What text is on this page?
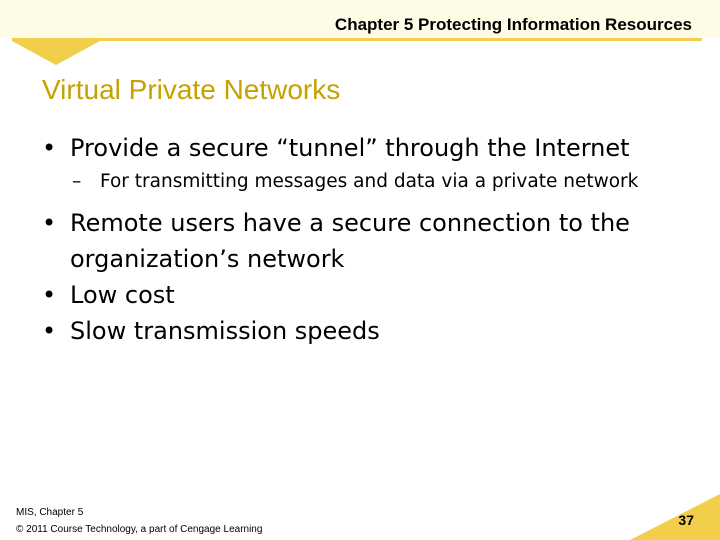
Chapter 5 Protecting Information Resources
Virtual Private Networks
• Provide a secure “tunnel” through the Internet
– For transmitting messages and data via a private network
• Remote users have a secure connection to the organization’s network
• Low cost
• Slow transmission speeds
MIS, Chapter 5
© 2011 Course Technology, a part of Cengage Learning
37
